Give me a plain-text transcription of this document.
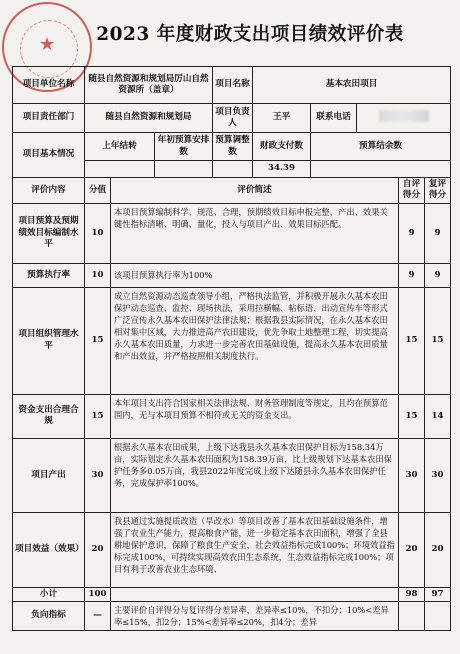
★	2023 年度财政支出项目绩效评价表
项目单位名称	随县自然资源和规划局厉山自然资源所（盖章）			项目名称	基本农田项目				
项目责任部门	随县自然资源和规划局			项目负责人	王平	联系电话			
项目基本情况	上年结转		年初预算安排数	预算调整数	财政支付数	预算结余数			
					34.39				
评价内容	分值	评价简述						自评得分	复评得分
项目预算及预期绩效目标编制水平	10	本项目预算编制科学、规范、合理，预期绩效目标申报完整，产出、效果关键性指标清晰、明确、量化，投入与项目产出、效果目标匹配。						9	9
预算执行率	10	该项目预算执行率为100%						9	9
项目组织管理水平	15	成立自然资源动态巡查领导小组，严格执法监管，并积极开展永久基本农田保护动态巡查、监控、现场执法，采用拉横幅、帖标语、出动宣传车等形式广泛宣传永久基本农田保护法律法规；根据我县实际情况，在永久基本农田相对集中区域，大力推进高产农田建设，优先争取土地整理工程，切实提高永久基本农田质量，力求进一步完善农田基础设施，提高永久基本农田质量和产出效益，并严格按照相关制度执行。						15	15
资金支出合理合规	15	本年项目支出符合国家相关法律法规、财务管理制度等规定，且均在预算范围内，无与本项目预算不相符或无关的资金支出。						15	14
项目产出	30	根据永久基本农田成果，上级下达我县永久基本农田保护目标为158.34万亩，实际划定永久基本农田面积为158.39万亩，比上级规划下达基本农田保护任务多0.05万亩，我县2022年度完成上级下达随县永久基本农田保护任务，完成保护率100%。						30	30
项目效益（效果）	20	我县通过实施提质改造（旱改水）等项目改善了基本农田基础设施条件，增强了农业生产能力，提高粮食产能，进一步稳定基本农田面积，增强了全县耕地保护意识，保障了粮食生产安全，社会效益指标完成100%；环境效益指标完成100%，可持续实现高效农田生态系统，生态效益指标完成100%；项目有利于改善农业生态环境、						20	20
小计	100							98	97
负向指标	—	主要评价自评得分与复评得分差异率，差异率≤10%，不扣分；10%<差异率≤15%，扣2分；15%<差异率≤20%，扣4分；差异							
